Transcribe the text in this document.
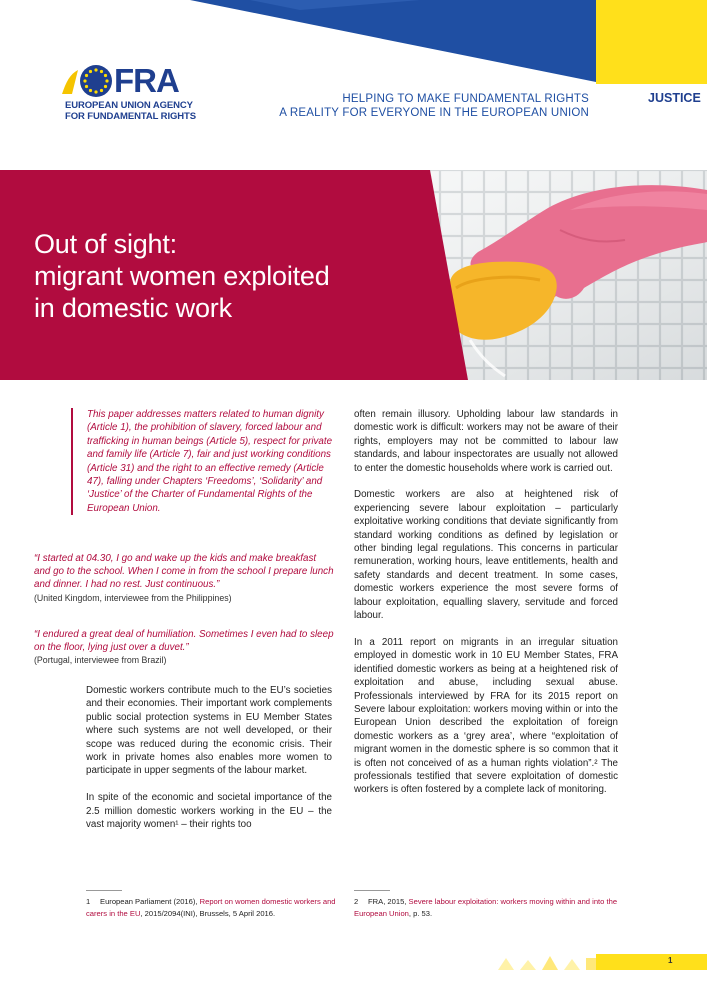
FRA
EUROPEAN UNION AGENCY
FOR FUNDAMENTAL RIGHTS
HELPING TO MAKE FUNDAMENTAL RIGHTS
A REALITY FOR EVERYONE IN THE EUROPEAN UNION
JUSTICE
Out of sight:
migrant women exploited
in domestic work
This paper addresses matters related to human dignity (Article 1), the prohibition of slavery, forced labour and trafficking in human beings (Article 5), respect for private and family life (Article 7), fair and just working conditions (Article 31) and the right to an effective remedy (Article 47), falling under Chapters ‘Freedoms’, ‘Solidarity’ and ‘Justice’ of the Charter of Fundamental Rights of the European Union.
“I started at 04.30, I go and wake up the kids and make breakfast and go to the school. When I come in from the school I prepare lunch and dinner. I had no rest. Just continuous.”
(United Kingdom, interviewee from the Philippines)
“I endured a great deal of humiliation. Sometimes I even had to sleep on the floor, lying just over a duvet.”
(Portugal, interviewee from Brazil)

Domestic workers contribute much to the EU’s societies and their economies. Their important work complements public social protection systems in EU Member States where such systems are not well developed, or their scope was reduced during the economic crisis. Their work in private homes also enables more women to participate in upper segments of the labour market.

In spite of the economic and societal importance of the 2.5 million domestic workers working in the EU – the vast majority women¹ – their rights too

often remain illusory. Upholding labour law standards in domestic work is difficult: workers may not be aware of their rights, employers may not be committed to labour law standards, and labour inspectorates are usually not allowed to enter the domestic households where work is carried out.

Domestic workers are also at heightened risk of experiencing severe labour exploitation – particularly exploitative working conditions that deviate significantly from standard working conditions as defined by legislation or other binding legal regulations. This concerns in particular remuneration, working hours, leave entitlements, health and safety standards and decent treatment. In some cases, domestic workers experience the most severe forms of labour exploitation, equalling slavery, servitude and forced labour.

In a 2011 report on migrants in an irregular situation employed in domestic work in 10 EU Member States, FRA identified domestic workers as being at a heightened risk of exploitation and abuse, including sexual abuse. Professionals interviewed by FRA for its 2015 report on Severe labour exploitation: workers moving within or into the European Union described the exploitation of foreign domestic workers as a ‘grey area’, where “exploitation of migrant women in the domestic sphere is so common that it is often not conceived of as a human rights violation”.² The professionals testified that severe exploitation of domestic workers is often fostered by a complete lack of monitoring.

1 European Parliament (2016), Report on women domestic workers and carers in the EU, 2015/2094(INI), Brussels, 5 April 2016.
2 FRA, 2015, Severe labour exploitation: workers moving within and into the European Union, p. 53.
1
